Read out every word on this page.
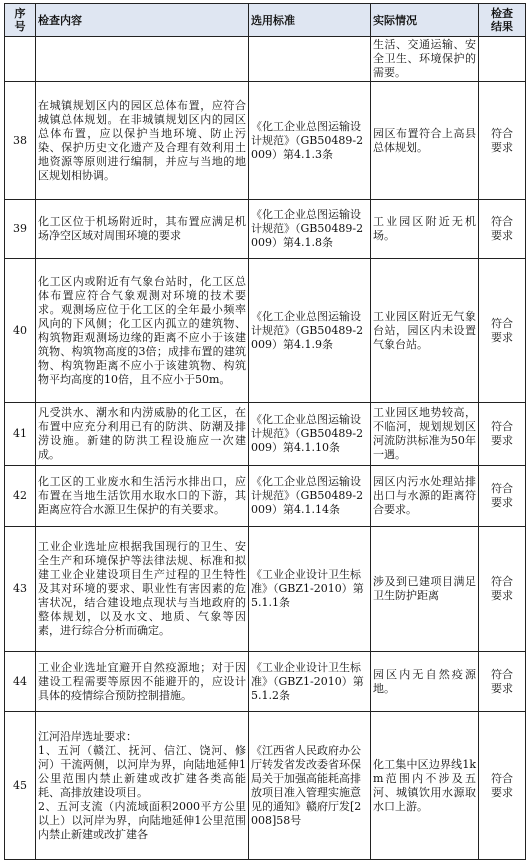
序
号	检查内容	选用标准	实际情况	检查
结果
			生活、交通运输、安全卫生、环境保护的需要。	
38	在城镇规划区内的园区总体布置，应符合城镇总体规划。在非城镇规划区内的园区总体布置，应以保护当地环境、防止污染、保护历史文化遗产及合理有效利用土地资源等原则进行编制，并应与当地的地区规划相协调。	《化工企业总图运输设计规范》（GB50489-2009）第4.1.3条	园区布置符合上高县总体规划。	符合
要求
39	化工区位于机场附近时，其布置应满足机场净空区域对周围环境的要求	《化工企业总图运输设计规范》（GB50489-2009）第4.1.8条	工业园区附近无机场。	符合
要求
40	化工区内或附近有气象台站时，化工区总体布置应符合气象观测对环境的技术要求。观测场应位于化工区的全年最小频率风向的下风侧；化工区内孤立的建筑物、构筑物距观测场边缘的距离不应小于该建筑物、构筑物高度的3倍；成排布置的建筑物、构筑物距离不应小于该建筑物、构筑物平均高度的10倍，且不应小于50m。	《化工企业总图运输设计规范》（GB50489-2009）第4.1.9条	工业园区附近无气象台站，园区内未设置气象台站。	符合
要求
41	凡受洪水、潮水和内涝威胁的化工区，在布置中应充分利用已有的防洪、防潮及排涝设施。新建的防洪工程设施应一次建成。	《化工企业总图运输设计规范》（GB50489-2009）第4.1.10条	工业园区地势较高，不临河，规划规划区河流防洪标准为50年一遇。	符合
要求
42	化工区的工业废水和生活污水排出口，应布置在当地生活饮用水取水口的下游，其距离应符合水源卫生保护的有关要求。	《化工企业总图运输设计规范》（GB50489-2009）第4.1.14条	园区内污水处理站排出口与水源的距离符合要求。	符合
要求
43	工业企业选址应根据我国现行的卫生、安全生产和环境保护等法律法规、标准和拟建工业企业建设项目生产过程的卫生特性及其对环境的要求、职业性有害因素的危害状况，结合建设地点现状与当地政府的整体规划，以及水文、地质、气象等因素，进行综合分析而确定。	《工业企业设计卫生标准》（GBZ1-2010）第5.1.1条	涉及到已建项目满足卫生防护距离	符合
要求
44	工业企业选址宜避开自然疫源地；对于因建设工程需要等原因不能避开的，应设计具体的疫情综合预防控制措施。	《工业企业设计卫生标准》（GBZ1-2010）第5.1.2条	园区内无自然疫源地。	符合
要求
45	江河沿岸选址要求：
1、五河（赣江、抚河、信江、饶河、修河）干流两侧，以河岸为界，向陆地延伸1公里范围内禁止新建或改扩建各类高能耗、高排放建设项目。
2、五河支流（内流域面积2000平方公里以上）以河岸为界，向陆地延伸1公里范围内禁止新建或改扩建各	《江西省人民政府办公厅转发省发改委省环保局关于加强高能耗高排放项目准入管理实施意见的通知》赣府厅发[2008]58号	化工集中区边界线1km范围内不涉及五河、城镇饮用水源取水口上游。	符合
要求
